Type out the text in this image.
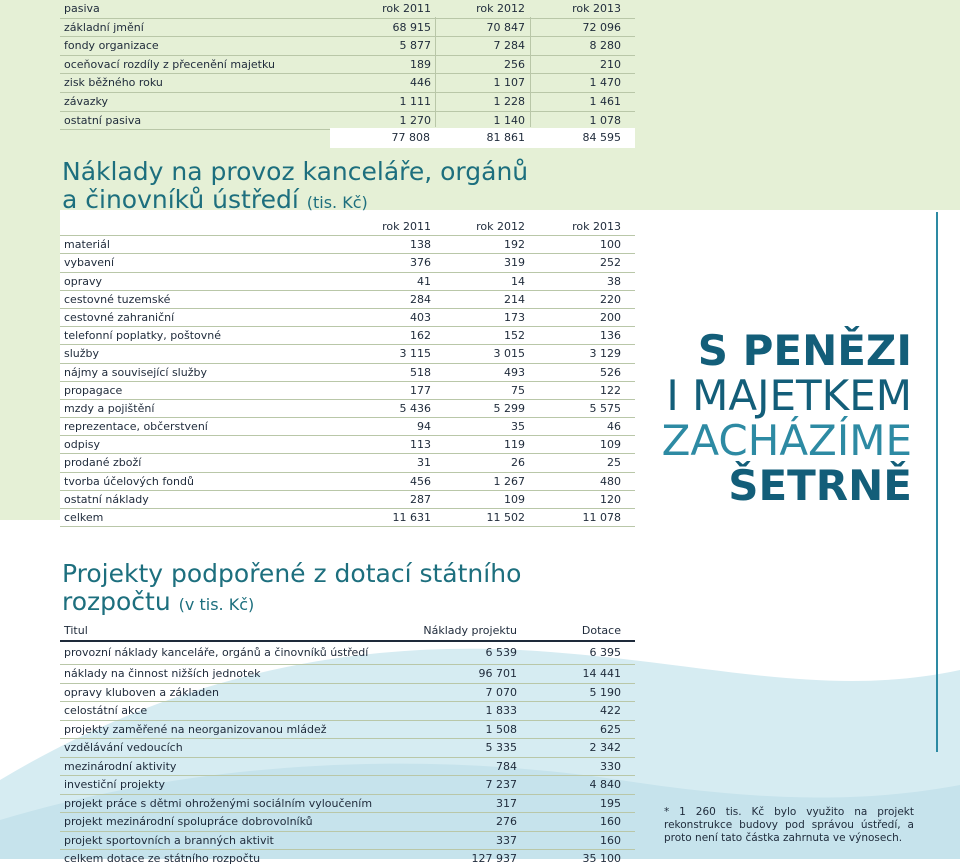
pasiva	rok 2011	rok 2012	rok 2013
základní jmění	68 915	70 847	72 096
fondy organizace	5 877	7 284	8 280
oceňovací rozdíly z přecenění majetku	189	256	210
zisk běžného roku	446	1 107	1 470
závazky	1 111	1 228	1 461
ostatní pasiva	1 270	1 140	1 078
77 808	81 861	84 595
Náklady na provoz kanceláře, orgánů
a činovníků ústředí (tis. Kč)
rok 2011	rok 2012	rok 2013
materiál	138	192	100
vybavení	376	319	252
opravy	41	14	38
cestovné tuzemské	284	214	220
cestovné zahraniční	403	173	200
telefonní poplatky, poštovné	162	152	136
služby	3 115	3 015	3 129
nájmy a související služby	518	493	526
propagace	177	75	122
mzdy a pojištění	5 436	5 299	5 575
reprezentace, občerstvení	94	35	46
odpisy	113	119	109
prodané zboží	31	26	25
tvorba účelových fondů	456	1 267	480
ostatní náklady	287	109	120
celkem	11 631	11 502	11 078
S PENĚZI
I MAJETKEM
ZACHÁZÍME
ŠETRNĚ
Projekty podpořené z dotací státního
rozpočtu (v tis. Kč)
Titul	Náklady projektu	Dotace
provozní náklady kanceláře, orgánů a činovníků ústředí	6 539	6 395
náklady na činnost nižších jednotek	96 701	14 441
opravy kluboven a základen	7 070	5 190
celostátní akce	1 833	422
projekty zaměřené na neorganizovanou mládež	1 508	625
vzdělávání vedoucích	5 335	2 342
mezinárodní aktivity	784	330
investiční projekty	7 237	4 840
projekt práce s dětmi ohroženými sociálním vyloučením	317	195
projekt mezinárodní spolupráce dobrovolníků	276	160
projekt sportovních a branných aktivit	337	160
celkem dotace ze státního rozpočtu	127 937	35 100
* 1 260 tis. Kč bylo využito na projekt rekonstrukce budovy pod správou ústředí, a proto není tato částka zahrnuta ve výnosech.
